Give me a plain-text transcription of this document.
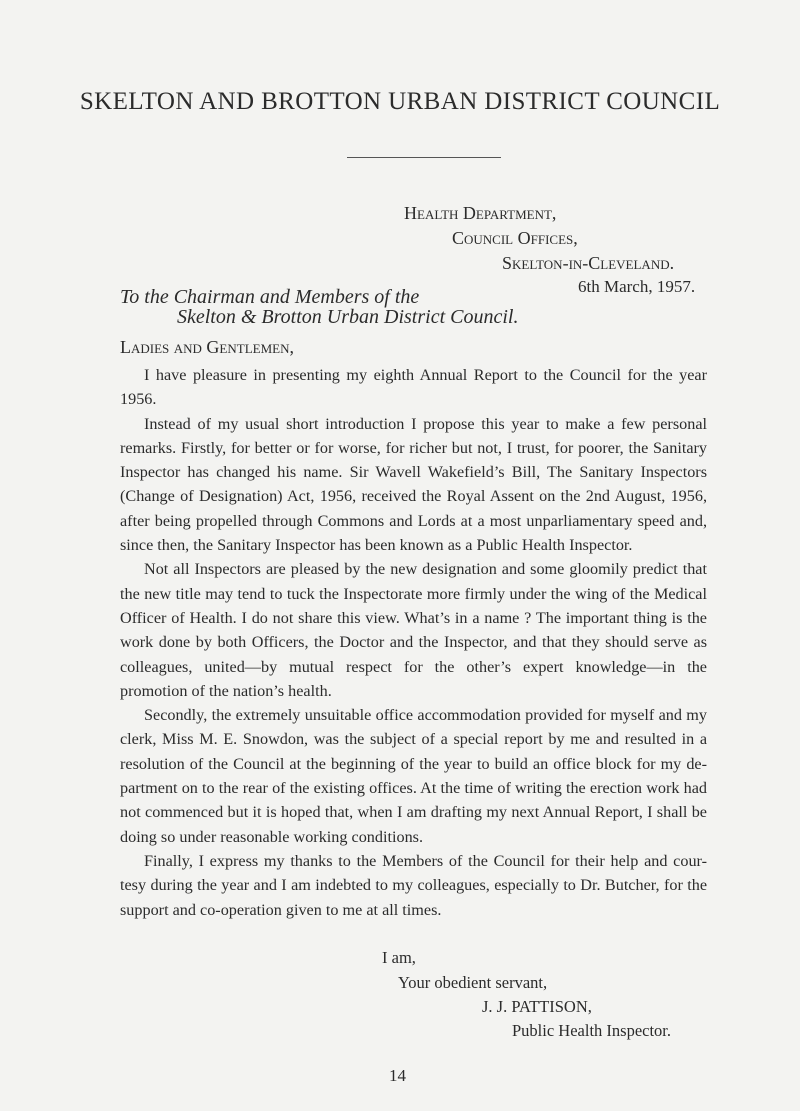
SKELTON AND BROTTON URBAN DISTRICT COUNCIL
Health Department,
Council Offices,
Skelton-in-Cleveland.
6th March, 1957.
To the Chairman and Members of the
Skelton & Brotton Urban District Council.
Ladies and Gentlemen,

I have pleasure in presenting my eighth Annual Report to the Council for the year 1956.

Instead of my usual short introduction I propose this year to make a few personal remarks. Firstly, for better or for worse, for richer but not, I trust, for poorer, the Sanitary Inspector has changed his name. Sir Wavell Wakefield’s Bill, The Sanitary Inspectors (Change of Designation) Act, 1956, received the Royal Assent on the 2nd August, 1956, after being propelled through Commons and Lords at a most unparliamentary speed and, since then, the Sanitary Inspector has been known as a Public Health Inspector.

Not all Inspectors are pleased by the new designation and some gloomily predict that the new title may tend to tuck the Inspectorate more firmly under the wing of the Medical Officer of Health. I do not share this view. What’s in a name ? The important thing is the work done by both Officers, the Doctor and the Inspector, and that they should serve as colleagues, united—by mutual respect for the other’s expert knowledge—in the promotion of the nation’s health.

Secondly, the extremely unsuitable office accommodation provided for myself and my clerk, Miss M. E. Snowdon, was the subject of a special report by me and resulted in a resolution of the Council at the beginning of the year to build an office block for my de- partment on to the rear of the existing offices. At the time of writing the erection work had not commenced but it is hoped that, when I am drafting my next Annual Report, I shall be doing so under reasonable working conditions.

Finally, I express my thanks to the Members of the Council for their help and cour- tesy during the year and I am indebted to my colleagues, especially to Dr. Butcher, for the support and co-operation given to me at all times.

I am,
Your obedient servant,
J. J. PATTISON,
Public Health Inspector.
14
